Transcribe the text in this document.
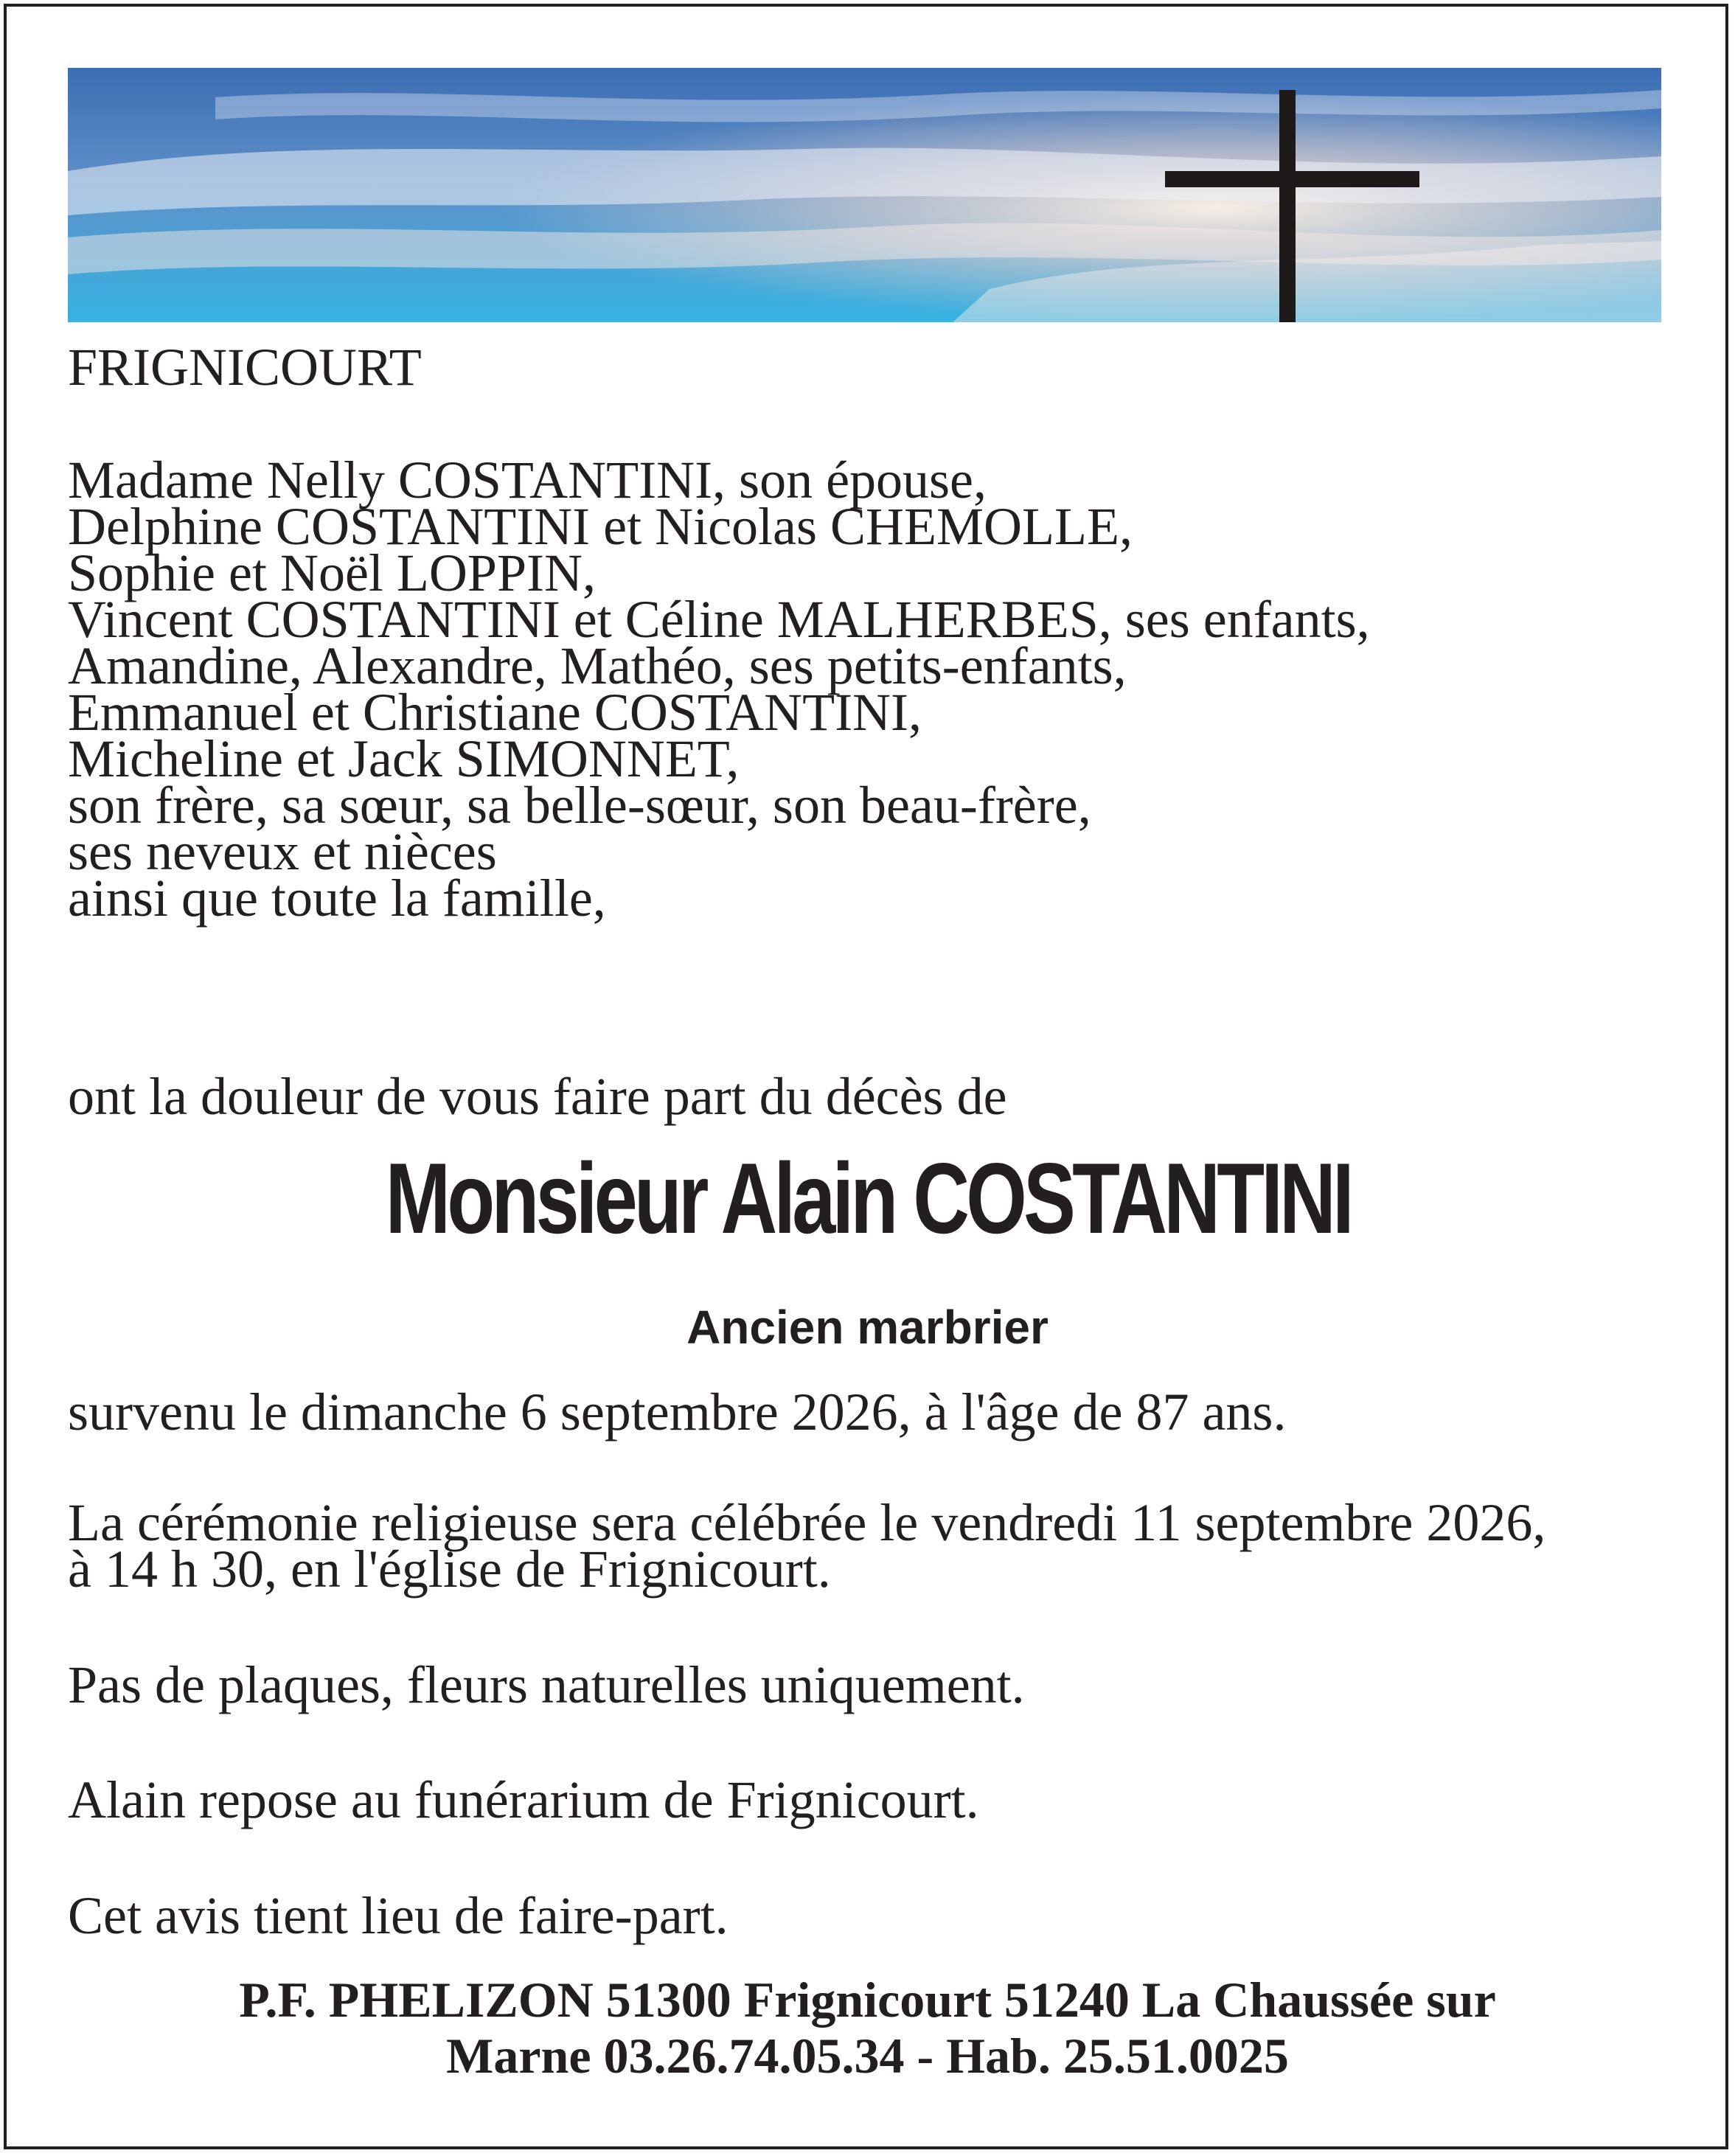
FRIGNICOURT

Madame Nelly COSTANTINI, son épouse,
Delphine COSTANTINI et Nicolas CHEMOLLE,
Sophie et Noël LOPPIN,
Vincent COSTANTINI et Céline MALHERBES, ses enfants,
Amandine, Alexandre, Mathéo, ses petits-enfants,
Emmanuel et Christiane COSTANTINI,
Micheline et Jack SIMONNET,
son frère, sa sœur, sa belle-sœur, son beau-frère,
ses neveux et nièces
ainsi que toute la famille,

ont la douleur de vous faire part du décès de

Monsieur Alain COSTANTINI
Ancien marbrier

survenu le dimanche 6 septembre 2026, à l'âge de 87 ans.

La cérémonie religieuse sera célébrée le vendredi 11 septembre 2026,
à 14 h 30, en l'église de Frignicourt.

Pas de plaques, fleurs naturelles uniquement.

Alain repose au funérarium de Frignicourt.

Cet avis tient lieu de faire-part.

P.F. PHELIZON 51300 Frignicourt 51240 La Chaussée sur
Marne 03.26.74.05.34 - Hab. 25.51.0025
